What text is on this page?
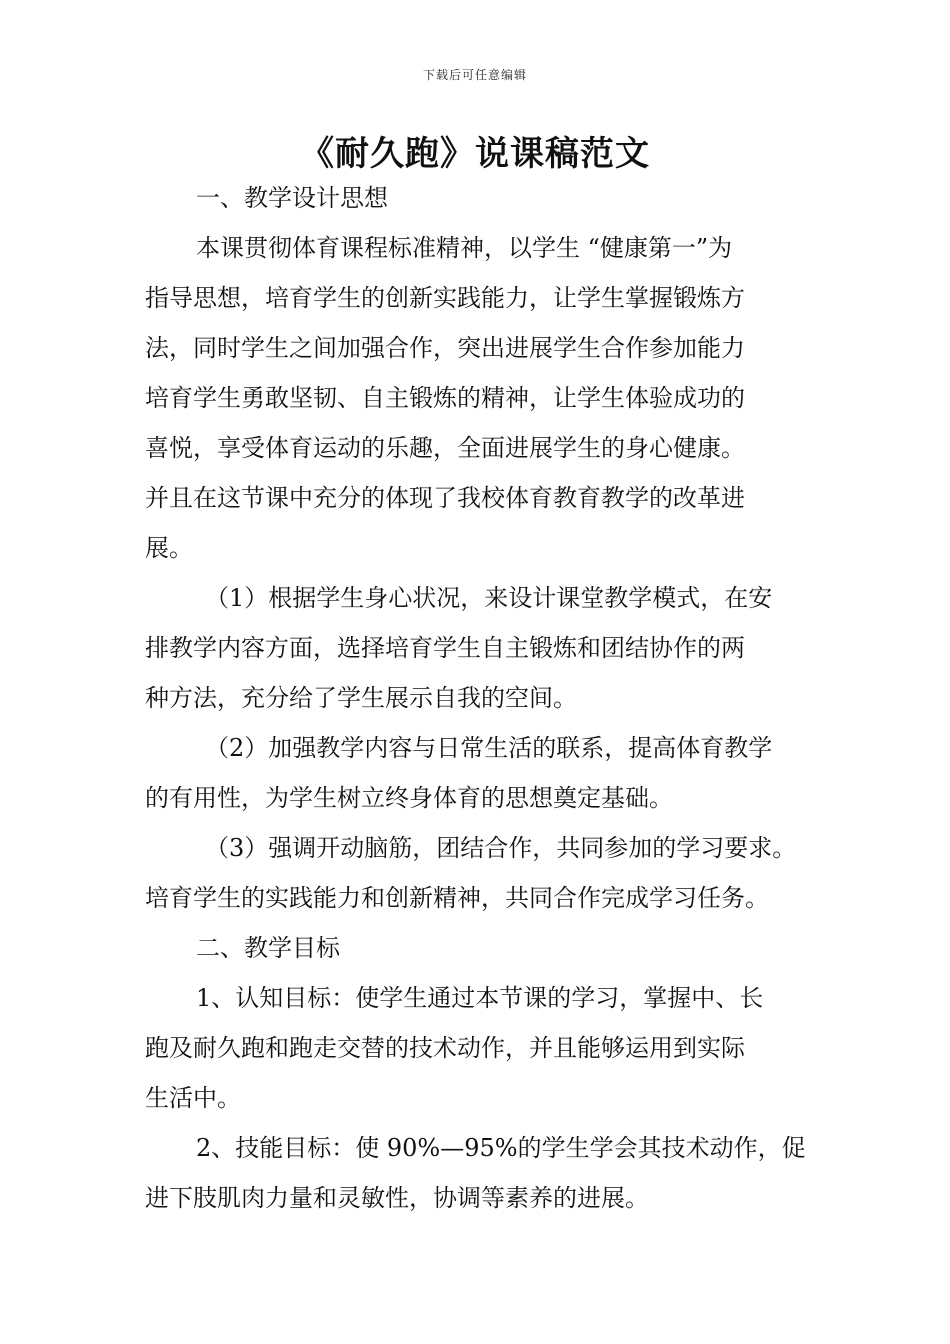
下载后可任意编辑
《耐久跑》说课稿范文
一、教学设计思想
本课贯彻体育课程标准精神，以学生 “健康第一”为
指导思想，培育学生的创新实践能力，让学生掌握锻炼方
法，同时学生之间加强合作，突出进展学生合作参加能力
培育学生勇敢坚韧、自主锻炼的精神，让学生体验成功的
喜悦，享受体育运动的乐趣，全面进展学生的身心健康。
并且在这节课中充分的体现了我校体育教育教学的改革进
展。
（1）根据学生身心状况，来设计课堂教学模式，在安
排教学内容方面，选择培育学生自主锻炼和团结协作的两
种方法，充分给了学生展示自我的空间。
（2）加强教学内容与日常生活的联系，提高体育教学
的有用性，为学生树立终身体育的思想奠定基础。
（3）强调开动脑筋，团结合作，共同参加的学习要求。
培育学生的实践能力和创新精神，共同合作完成学习任务。
二、教学目标
1、认知目标：使学生通过本节课的学习，掌握中、长
跑及耐久跑和跑走交替的技术动作，并且能够运用到实际
生活中。
2、技能目标：使 90%—95%的学生学会其技术动作，促
进下肢肌肉力量和灵敏性，协调等素养的进展。
